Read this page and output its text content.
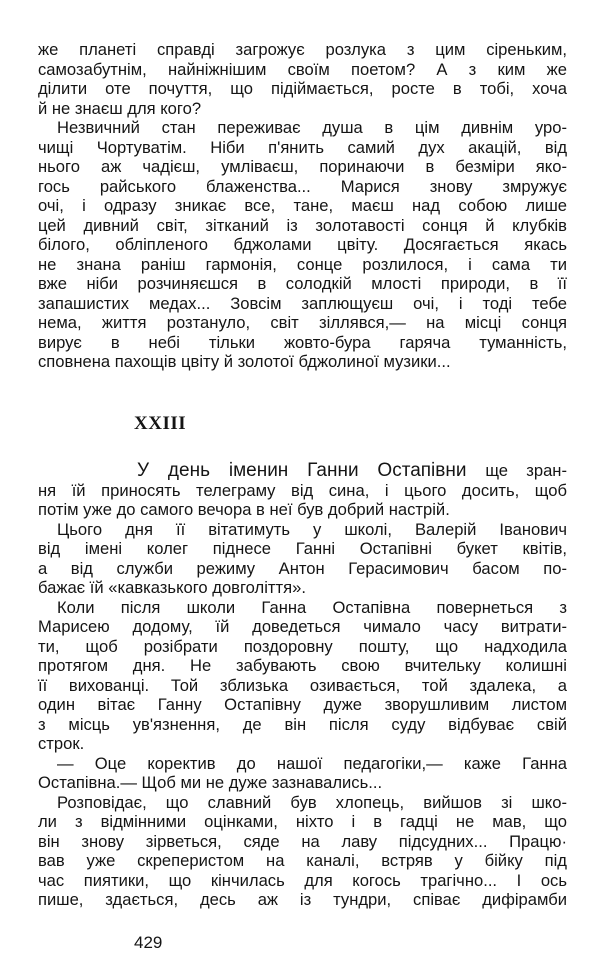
же планеті справді загрожує розлука з цим сіреньким,
самозабутнім, найніжнішим своїм поетом? А з ким же
ділити оте почуття, що підіймається, росте в тобі, хоча
й не знаєш для кого?
Незвичний стан переживає душа в цім дивнім уро-
чищі Чортуватім. Ніби п'янить самий дух акацій, від
нього аж чадієш, умліваєш, поринаючи в безміри яко-
гось райського блаженства... Марися знову змружує
очі, і одразу зникає все, тане, маєш над собою лише
цей дивний світ, зітканий із золотавості сонця й клубків
білого, обліпленого бджолами цвіту. Досягається якась
не знана раніш гармонія, сонце розлилося, і сама ти
вже ніби розчиняєшся в солодкій млості природи, в її
запашистих медах... Зовсім заплющуєш очі, і тоді тебе
нема, життя розтануло, світ зіллявся,— на місці сонця
вирує в небі тільки жовто-бура гаряча туманність,
сповнена пахощів цвіту й золотої бджолиної музики...
XXIII
У день іменин Ганни Остапівни ще зран-
ня їй приносять телеграму від сина, і цього досить, щоб
потім уже до самого вечора в неї був добрий настрій.
Цього дня її вітатимуть у школі, Валерій Іванович
від імені колег піднесе Ганні Остапівні букет квітів,
а від служби режиму Антон Герасимович басом по-
бажає їй «кавказького довголіття».
Коли після школи Ганна Остапівна повернеться з
Марисею додому, їй доведеться чимало часу витрати-
ти, щоб розібрати поздоровну пошту, що надходила
протягом дня. Не забувають свою вчительку колишні
її вихованці. Той зблизька озивається, той здалека, а
один вітає Ганну Остапівну дуже зворушливим листом
з місць ув'язнення, де він після суду відбуває свій
строк.
— Оце коректив до нашої педагогіки,— каже Ганна
Остапівна.— Щоб ми не дуже зазнавались...
Розповідає, що славний був хлопець, вийшов зі шко-
ли з відмінними оцінками, ніхто і в гадці не мав, що
він знову зірветься, сяде на лаву підсудних... Працю·
вав уже скреперистом на каналі, встряв у бійку під
час пиятики, що кінчилась для когось трагічно... І ось
пише, здається, десь аж із тундри, співає дифірамби
429
